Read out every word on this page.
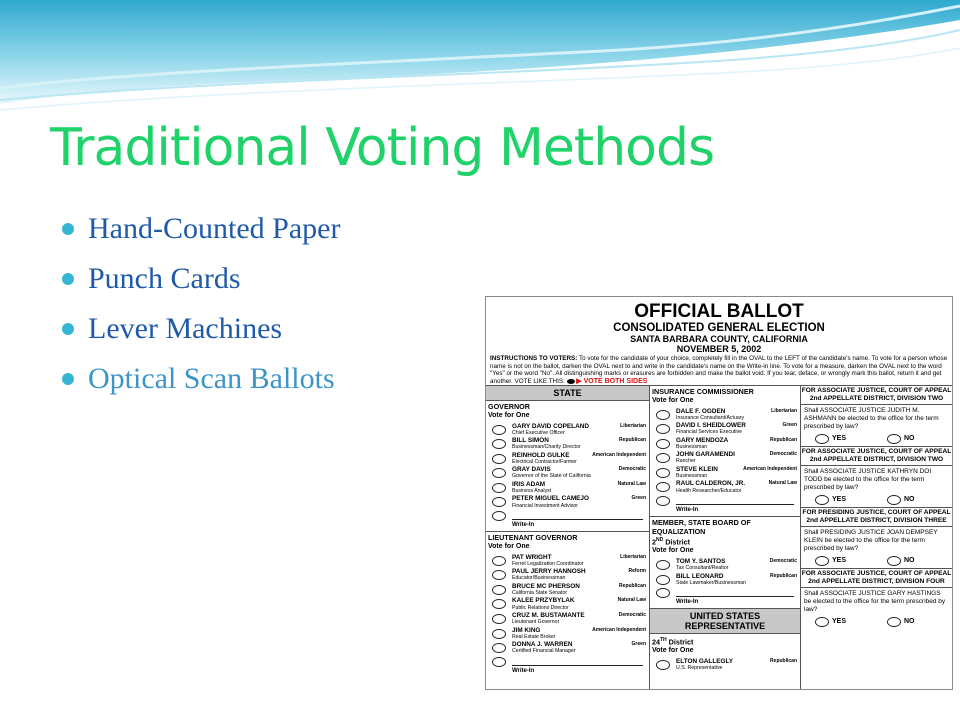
Traditional Voting Methods
Hand-Counted Paper
Punch Cards
Lever Machines
Optical Scan Ballots
OFFICIAL BALLOT
CONSOLIDATED GENERAL ELECTION
SANTA BARBARA COUNTY, CALIFORNIA
NOVEMBER 5, 2002
INSTRUCTIONS TO VOTERS: To vote for the candidate of your choice, completely fill in the OVAL to the LEFT of the candidate's name. To vote for a person whose name is not on the ballot, darken the OVAL next to and write in the candidate's name on the Write-in line. To vote for a measure, darken the OVAL next to the word "Yes" or the word "No". All distinguishing marks or erasures are forbidden and make the ballot void. If you tear, deface, or wrongly mark this ballot, return it and get another. VOTE LIKE THIS: ▶ VOTE BOTH SIDES
STATE
GOVERNOR
Vote for One
GARY DAVID COPELAND
Chief Executive Officer
Libertarian
BILL SIMON
Businessman/Charity Director
Republican
REINHOLD GULKE
Electrical Contractor/Farmer
American Independent
GRAY DAVIS
Governor of the State of California
Democratic
IRIS ADAM
Business Analyst
Natural Law
PETER MIGUEL CAMEJO
Financial Investment Advisor
Green
Write-In
LIEUTENANT GOVERNOR
Vote for One
PAT WRIGHT
Ferret Legalization Coordinator
Libertarian
PAUL JERRY HANNOSH
Educator/Businessman
Reform
BRUCE MC PHERSON
California State Senator
Republican
KALEE PRZYBYLAK
Public Relations Director
Natural Law
CRUZ M. BUSTAMANTE
Lieutenant Governor
Democratic
JIM KING
Real Estate Broker
American Independent
DONNA J. WARREN
Certified Financial Manager
Green
Write-In
INSURANCE COMMISSIONER
Vote for One
DALE F. OGDEN
Insurance Consultant/Actuary
Libertarian
DAVID I. SHEIDLOWER
Financial Services Executive
Green
GARY MENDOZA
Businessman
Republican
JOHN GARAMENDI
Rancher
Democratic
STEVE KLEIN
Businessman
American Independent
RAUL CALDERON, JR.
Health Researcher/Educator
Natural Law
Write-In
MEMBER, STATE BOARD OF
EQUALIZATION
2ND District
Vote for One
TOM Y. SANTOS
Tax Consultant/Realtor
Democratic
BILL LEONARD
State Lawmaker/Businessman
Republican
Write-In
UNITED STATES
REPRESENTATIVE
24TH District
Vote for One
ELTON GALLEGLY
U.S. Representative
Republican
FOR ASSOCIATE JUSTICE, COURT OF APPEAL
2nd APPELLATE DISTRICT, DIVISION TWO
Shall ASSOCIATE JUSTICE JUDITH M. ASHMANN be elected to the office for the term prescribed by law?
YES	NO
FOR ASSOCIATE JUSTICE, COURT OF APPEAL
2nd APPELLATE DISTRICT, DIVISION TWO
Shall ASSOCIATE JUSTICE KATHRYN DOI TODD be elected to the office for the term prescribed by law?
YES	NO
FOR PRESIDING JUSTICE, COURT OF APPEAL
2nd APPELLATE DISTRICT, DIVISION THREE
Shall PRESIDING JUSTICE JOAN DEMPSEY KLEIN be elected to the office for the term prescribed by law?
YES	NO
FOR ASSOCIATE JUSTICE, COURT OF APPEAL
2nd APPELLATE DISTRICT, DIVISION FOUR
Shall ASSOCIATE JUSTICE GARY HASTINGS be elected to the office for the term prescribed by law?
YES	NO
